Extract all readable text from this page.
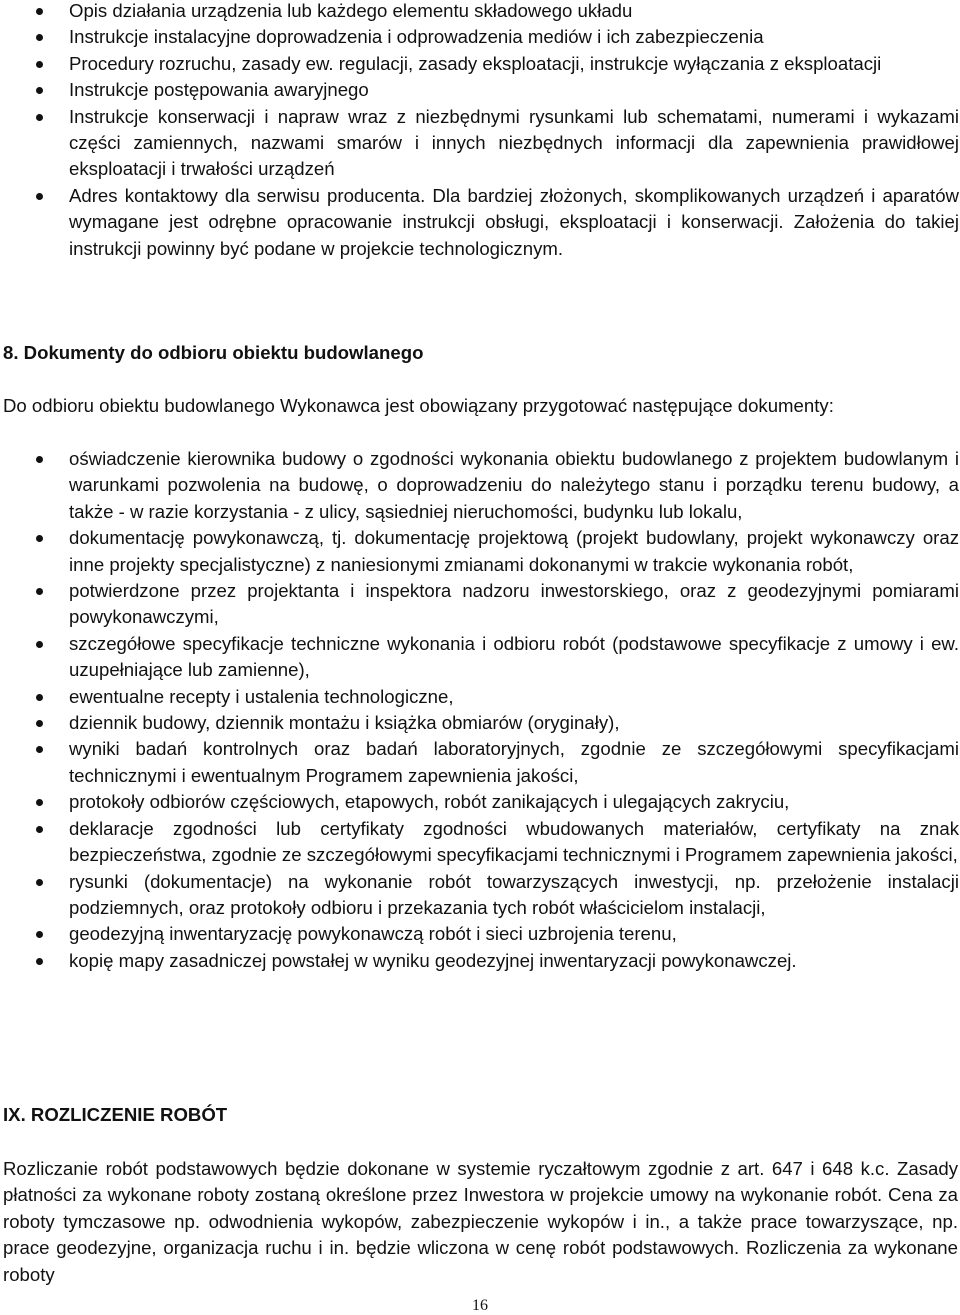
Opis działania urządzenia lub każdego elementu składowego układu
Instrukcje instalacyjne doprowadzenia i odprowadzenia mediów i ich zabezpieczenia
Procedury rozruchu, zasady ew. regulacji, zasady eksploatacji, instrukcje wyłączania z eksploatacji
Instrukcje postępowania awaryjnego
Instrukcje konserwacji i napraw wraz z niezbędnymi rysunkami lub schematami, numerami i wykazami części zamiennych, nazwami smarów i innych niezbędnych informacji dla zapewnienia prawidłowej eksploatacji i trwałości urządzeń
Adres kontaktowy dla serwisu producenta. Dla bardziej złożonych, skomplikowanych urządzeń i aparatów wymagane jest odrębne opracowanie instrukcji obsługi, eksploatacji i konserwacji. Założenia do takiej instrukcji powinny być podane w projekcie technologicznym.
8. Dokumenty do odbioru obiektu budowlanego

Do odbioru obiektu budowlanego Wykonawca jest obowiązany przygotować następujące dokumenty:

oświadczenie kierownika budowy o zgodności wykonania obiektu budowlanego z projektem budowlanym i warunkami pozwolenia na budowę, o doprowadzeniu do należytego stanu i porządku terenu budowy, a także - w razie korzystania - z ulicy, sąsiedniej nieruchomości, budynku lub lokalu,
dokumentację powykonawczą, tj. dokumentację projektową (projekt budowlany, projekt wykonawczy oraz inne projekty specjalistyczne) z naniesionymi zmianami dokonanymi w trakcie wykonania robót,
potwierdzone przez projektanta i inspektora nadzoru inwestorskiego, oraz z geodezyjnymi pomiarami powykonawczymi,
szczegółowe specyfikacje techniczne wykonania i odbioru robót (podstawowe specyfikacje z umowy i ew. uzupełniające lub zamienne),
ewentualne recepty i ustalenia technologiczne,
dziennik budowy, dziennik montażu i książka obmiarów (oryginały),
wyniki badań kontrolnych oraz badań laboratoryjnych, zgodnie ze szczegółowymi specyfikacjami technicznymi i ewentualnym Programem zapewnienia jakości,
protokoły odbiorów częściowych, etapowych, robót zanikających i ulegających zakryciu,
deklaracje zgodności lub certyfikaty zgodności wbudowanych materiałów, certyfikaty na znak bezpieczeństwa, zgodnie ze szczegółowymi specyfikacjami technicznymi i Programem zapewnienia jakości,
rysunki (dokumentacje) na wykonanie robót towarzyszących inwestycji, np. przełożenie instalacji podziemnych, oraz protokoły odbioru i przekazania tych robót właścicielom instalacji,
geodezyjną inwentaryzację powykonawczą robót i sieci uzbrojenia terenu,
kopię mapy zasadniczej powstałej w wyniku geodezyjnej inwentaryzacji powykonawczej.
IX. ROZLICZENIE ROBÓT

Rozliczanie robót podstawowych będzie dokonane w systemie ryczałtowym zgodnie z art. 647 i 648 k.c. Zasady płatności za wykonane roboty zostaną określone przez Inwestora w projekcie umowy na wykonanie robót. Cena za roboty tymczasowe np. odwodnienia wykopów, zabezpieczenie wykopów i in., a także prace towarzyszące, np. prace geodezyjne, organizacja ruchu i in. będzie wliczona w cenę robót podstawowych. Rozliczenia za wykonane roboty

16
